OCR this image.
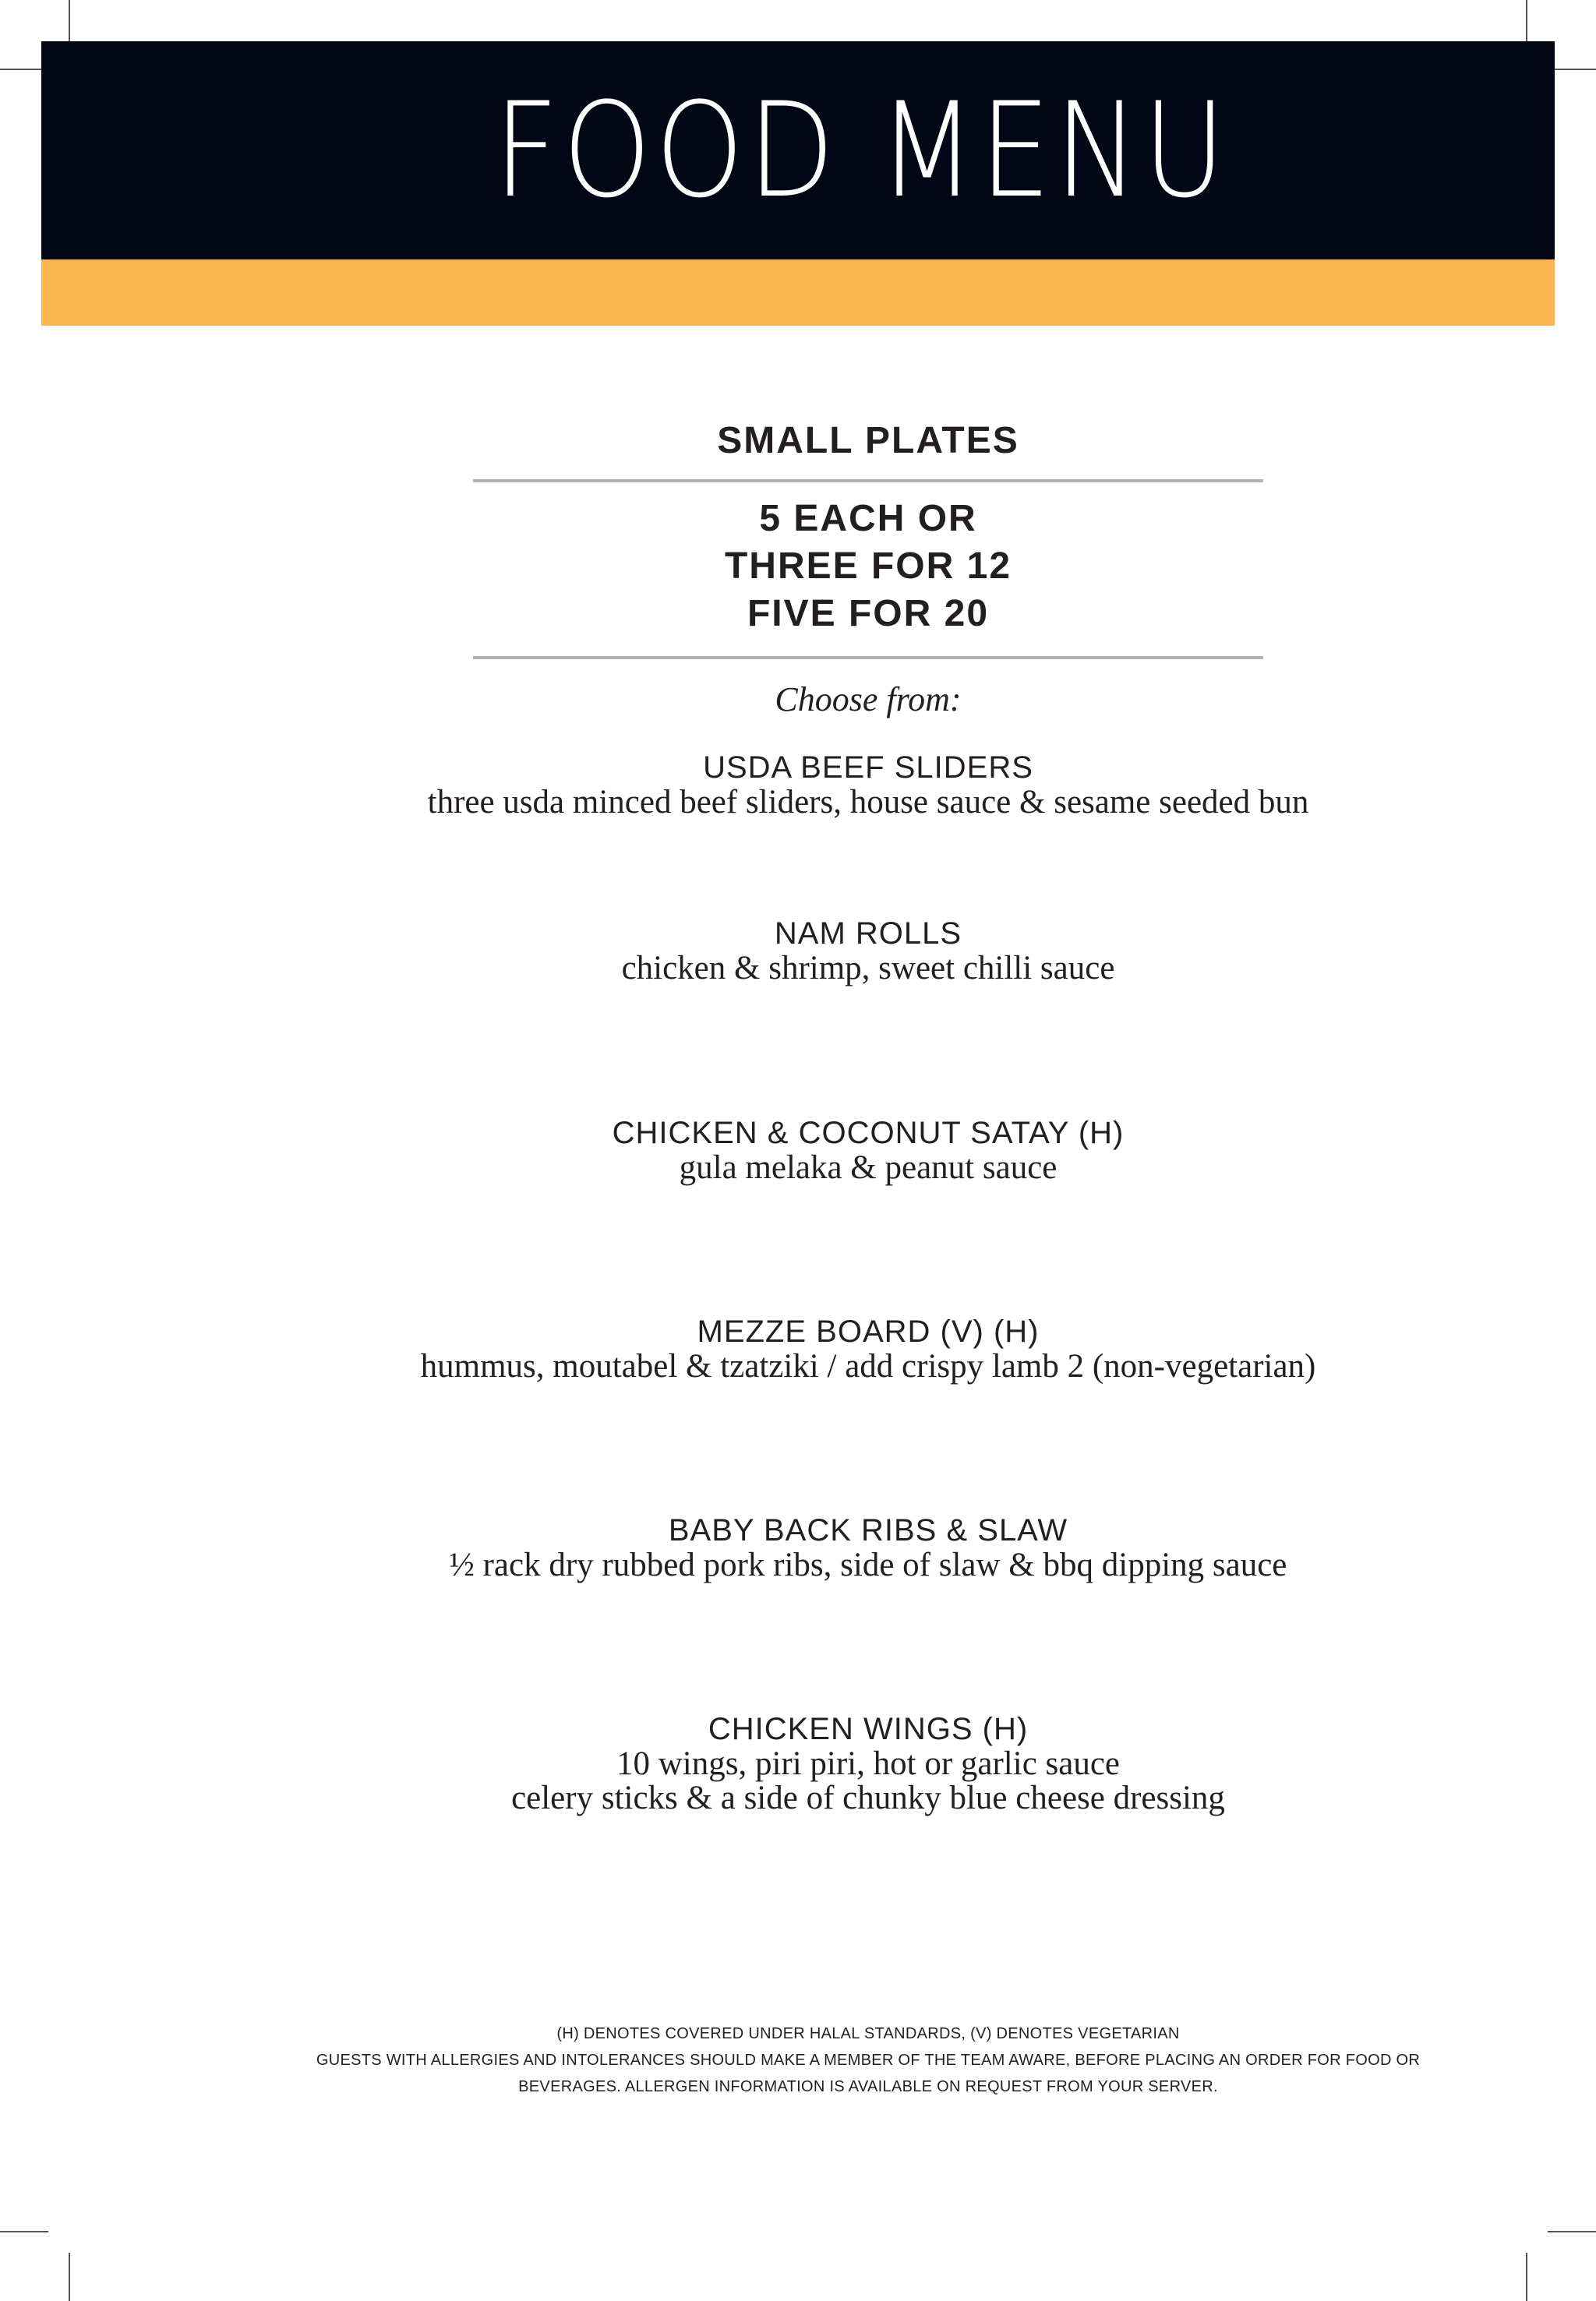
FOOD MENU
SMALL PLATES
5 EACH OR
THREE FOR 12
FIVE FOR 20
Choose from:
USDA BEEF SLIDERS
three usda minced beef sliders, house sauce & sesame seeded bun
NAM ROLLS
chicken & shrimp, sweet chilli sauce
CHICKEN & COCONUT SATAY (H)
gula melaka & peanut sauce
MEZZE BOARD (V) (H)
hummus, moutabel & tzatziki / add crispy lamb 2 (non-vegetarian)
BABY BACK RIBS & SLAW
½ rack dry rubbed pork ribs, side of slaw & bbq dipping sauce
CHICKEN WINGS (H)
10 wings, piri piri, hot or garlic sauce
celery sticks & a side of chunky blue cheese dressing
(H) DENOTES COVERED UNDER HALAL STANDARDS, (V) DENOTES VEGETARIAN
GUESTS WITH ALLERGIES AND INTOLERANCES SHOULD MAKE A MEMBER OF THE TEAM AWARE, BEFORE PLACING AN ORDER FOR FOOD OR
BEVERAGES. ALLERGEN INFORMATION IS AVAILABLE ON REQUEST FROM YOUR SERVER.
